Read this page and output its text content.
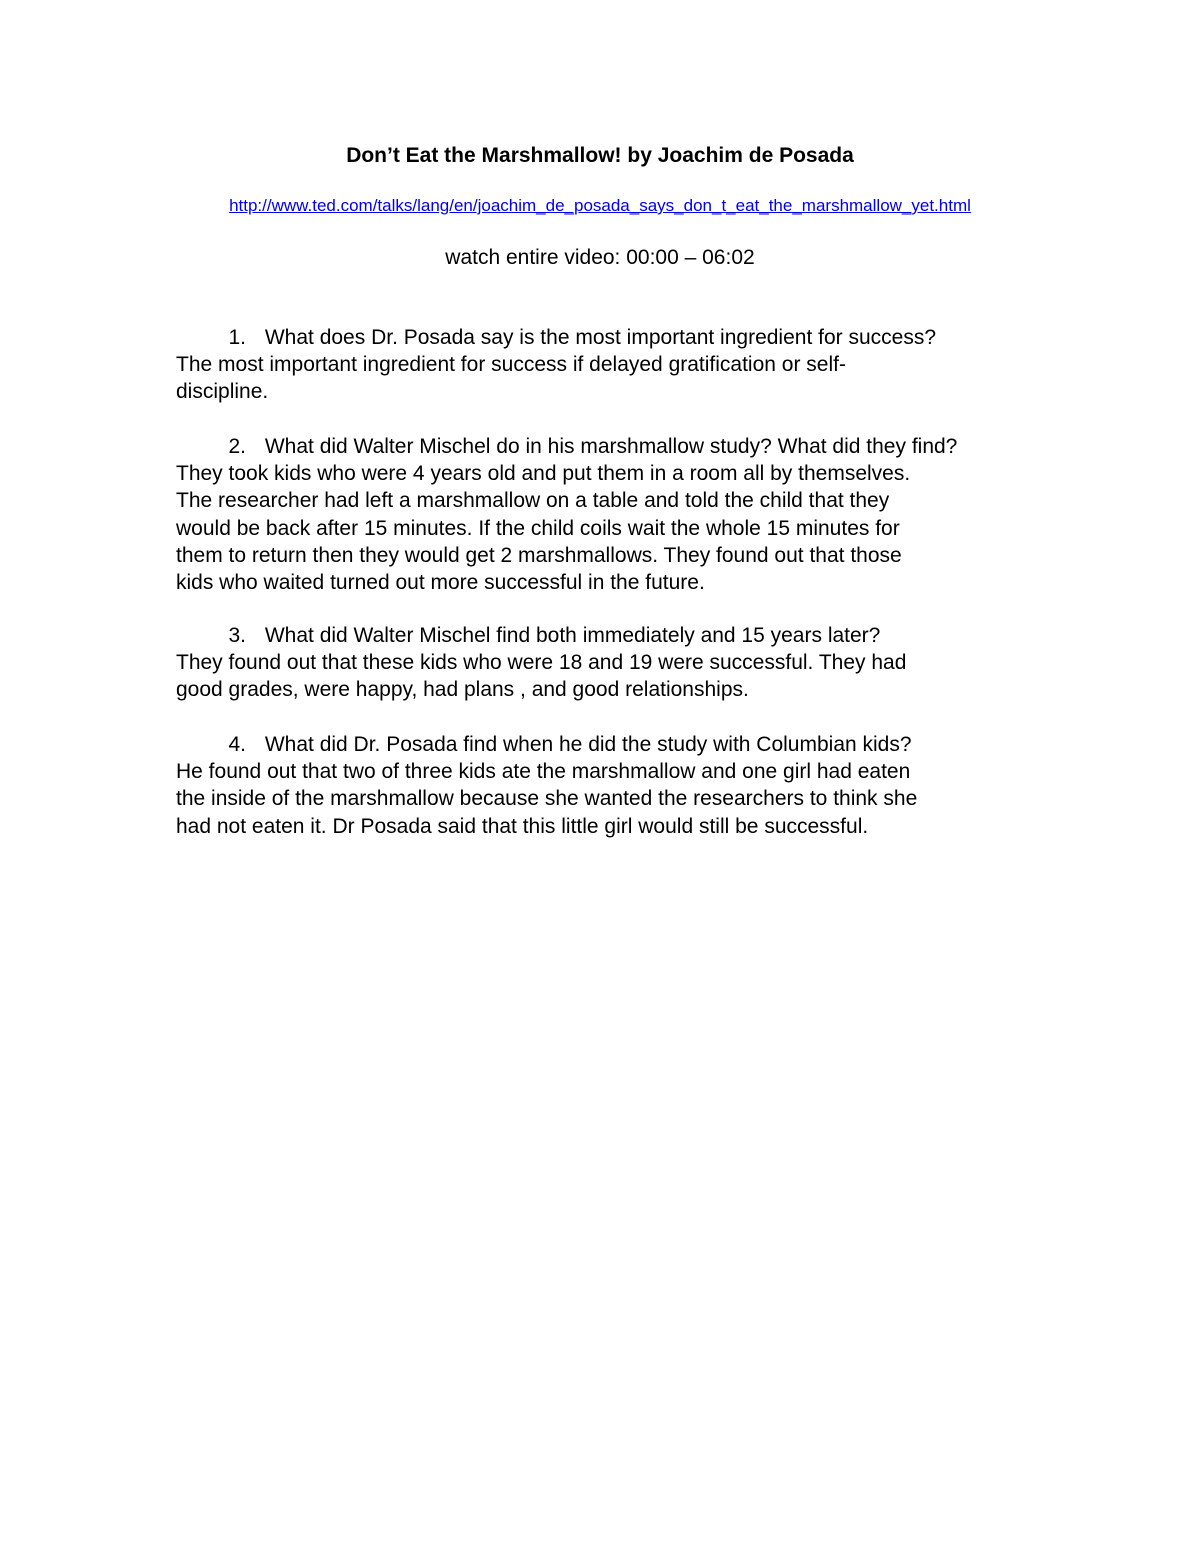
Don’t Eat the Marshmallow! by Joachim de Posada
http://www.ted.com/talks/lang/en/joachim_de_posada_says_don_t_eat_the_marshmallow_yet.html
watch entire video: 00:00 – 06:02
1. What does Dr. Posada say is the most important ingredient for success?
The most important ingredient for success if delayed gratification or self-
discipline.
2. What did Walter Mischel do in his marshmallow study? What did they find?
They took kids who were 4 years old and put them in a room all by themselves.
The researcher had left a marshmallow on a table and told the child that they
would be back after 15 minutes. If the child coils wait the whole 15 minutes for
them to return then they would get 2 marshmallows. They found out that those
kids who waited turned out more successful in the future.
3. What did Walter Mischel find both immediately and 15 years later?
They found out that these kids who were 18 and 19 were successful. They had
good grades, were happy, had plans , and good relationships.
4. What did Dr. Posada find when he did the study with Columbian kids?
He found out that two of three kids ate the marshmallow and one girl had eaten
the inside of the marshmallow because she wanted the researchers to think she
had not eaten it. Dr Posada said that this little girl would still be successful.
